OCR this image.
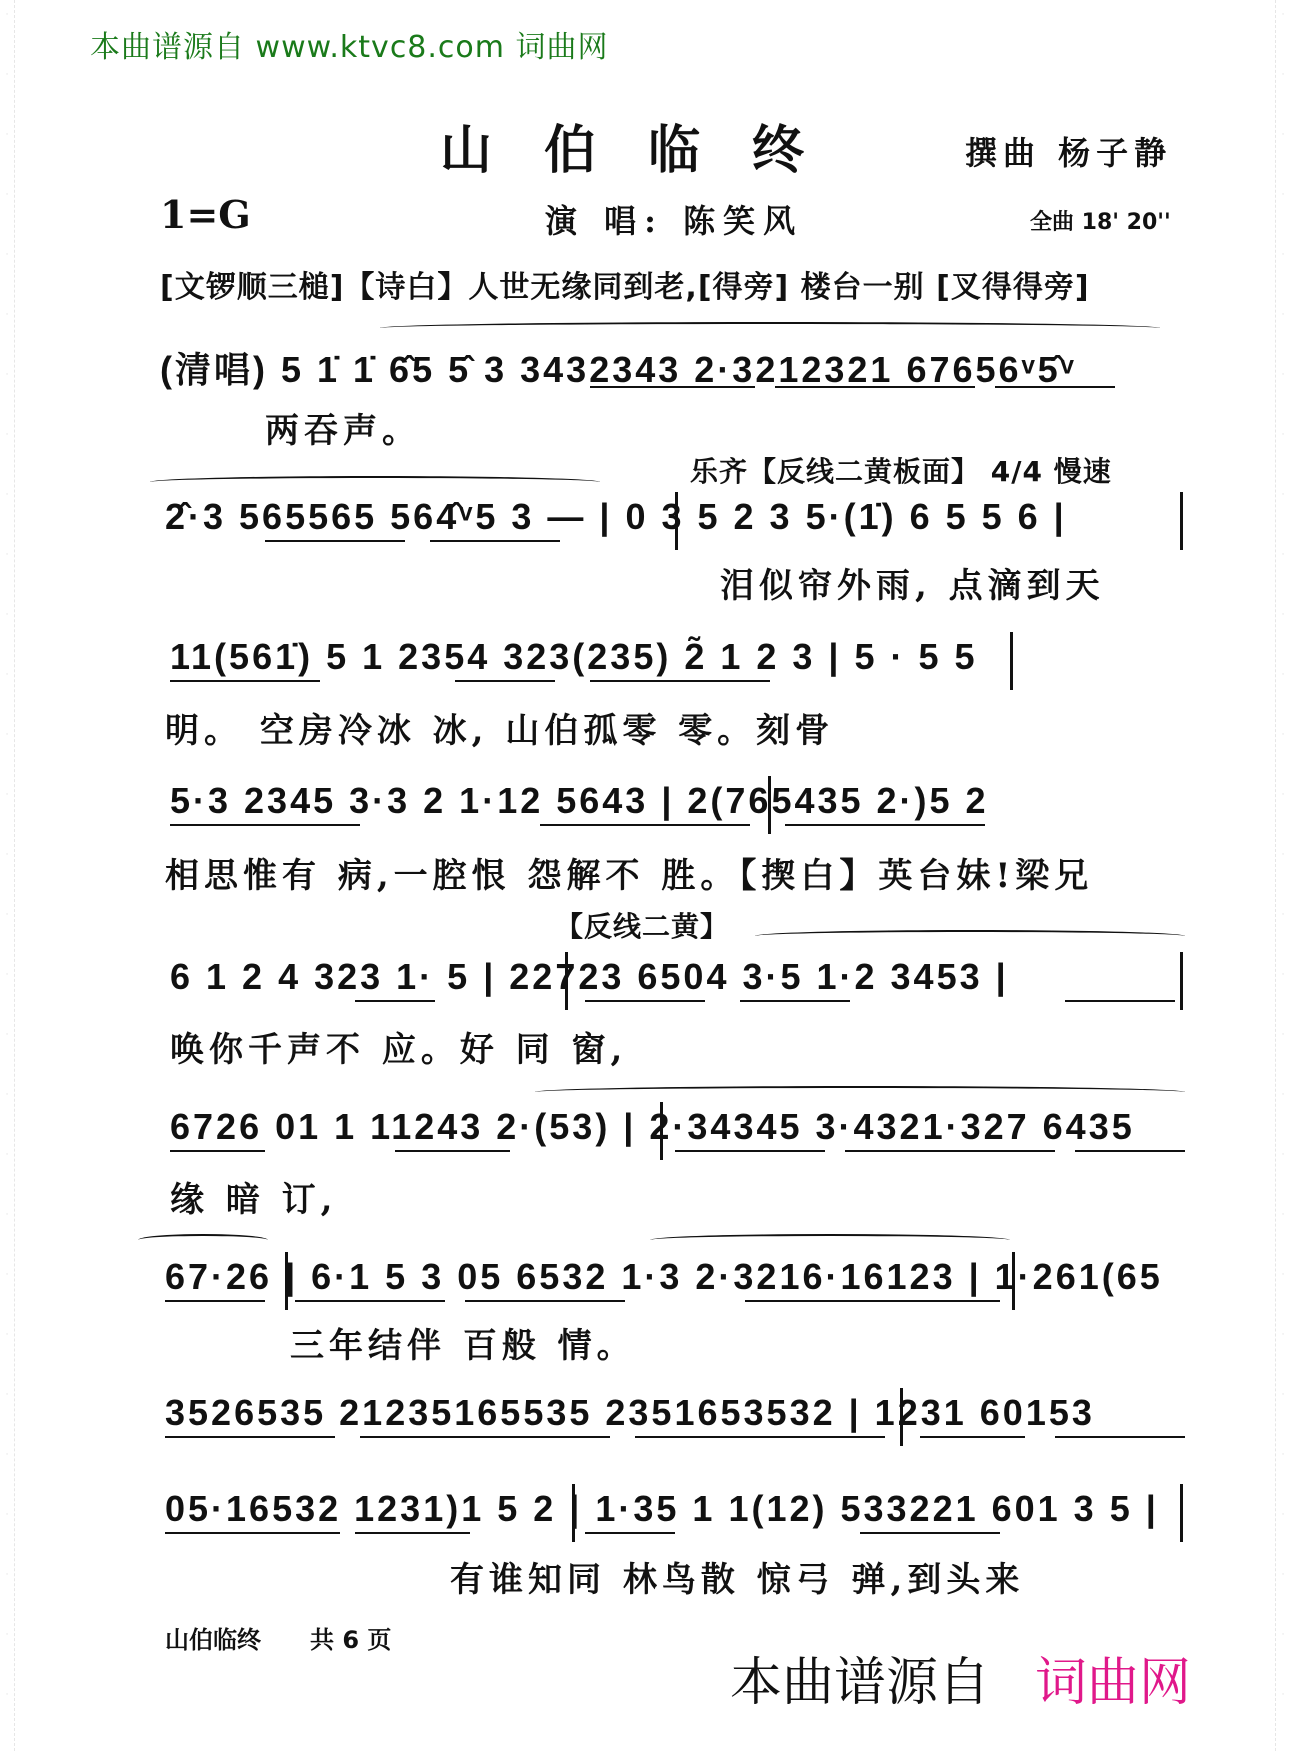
·
·
·
·
·
·
·
·
·
·
·
·
·
·
·
·
·
·
·
·
·
·
·
·
·
·
·
·
·
·
·
·
·
·
·
·
·
·
·
·
·
·
·
·
·
·
·
·
·
·
·
·
·
·
·
·
·
·
本曲谱源自 www.ktvc8.com 词曲网
山伯临终	撰曲 杨子静
1=G	演 唱: 陈笑风	全曲 18' 20''
[文锣顺三槌]【诗白】人世无缘同到老,[得旁] 楼台一别 [叉得得旁]
(清唱) 5 1̇ 1̇ 6̂5 5̂ 3 3432343 2·3212321 67656ᵛ5̂ᵛ
两吞声。
乐齐【反线二黄板面】 4/4 慢速
2̂·3 565565 564̂ᵛ5 3 — | 0 3 5 2 3 5·(1̇) 6 5 5 6 |
泪似帘外雨, 点滴到天
11(561̇) 5 1 2354 323(235) 2̃ 1 2 3 | 5 · 5 5
明。 空房冷冰 冰, 山伯孤零 零。刻骨
5·3 2345 3·3 2 1·12 5643 | 2(765435 2·)5 2
相思惟有 病,一腔恨 怨解不 胜。【揳白】英台妹!梁兄
【反线二黄】
6 1 2 4 323 1· 5 | 22723 6504 3·5 1·2 3453 |
唤你千声不 应。好 同 窗,
6726 01 1 11243 2·(53) | 2·34345 3·4321·327 6435
缘 暗 订,
67·26 | 6·1 5 3 05 6532 1·3 2·3216·16123 | 1·261(65
三年结伴 百般 情。
3526535 21235165535 2351653532 | 1231 60153
05·16532 1231)1 5 2 | 1·35 1 1(12) 533221 601 3 5 |
有谁知同 林鸟散 惊弓 弹,到头来
山伯临终 共 6 页
本曲谱源自 词曲网
